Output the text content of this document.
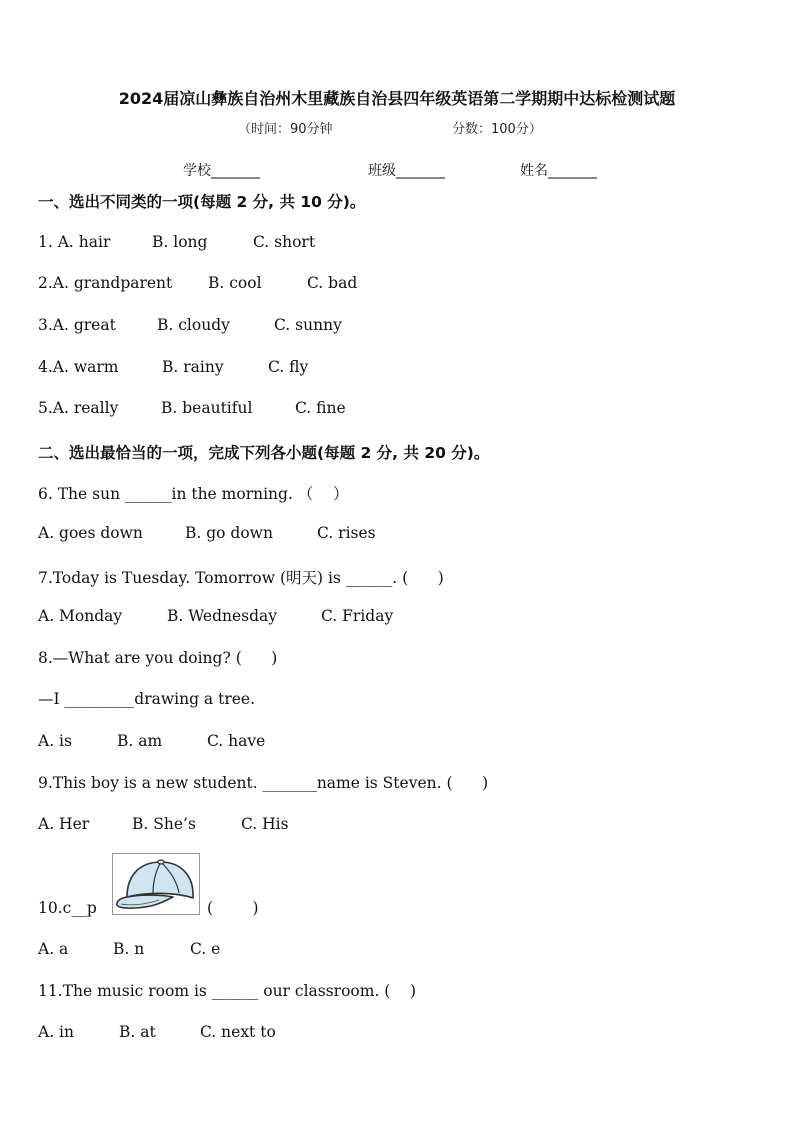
2024届凉山彝族自治州木里藏族自治县四年级英语第二学期期中达标检测试题
（时间：90分钟	分数：100分）
学校_______	班级_______	姓名_______
一、选出不同类的一项(每题 2 分, 共 10 分)。
1. A. hair	B. long	C. short
2.A. grandparent B. cool	C. bad
3.A. great	B. cloudy	C. sunny
4.A. warm	B. rainy	C. fly
5.A. really	B. beautiful	C. fine
二、选出最恰当的一项，完成下列各小题(每题 2 分, 共 20 分)。
6. The sun ______in the morning. （    ）
A. goes down	B. go down	C. rises
7.Today is Tuesday. Tomorrow (明天) is ______. (      )
A. Monday	B. Wednesday	C. Friday
8.—What are you doing? (      )
—I _________drawing a tree.
A. is	B. am	C. have
9.This boy is a new student. _______name is Steven. (      )
A. Her	B. She’s	C. His
10.c__p	(        )
A. a	B. n	C. e
11.The music room is ______ our classroom. (    )
A. in	B. at	C. next to
